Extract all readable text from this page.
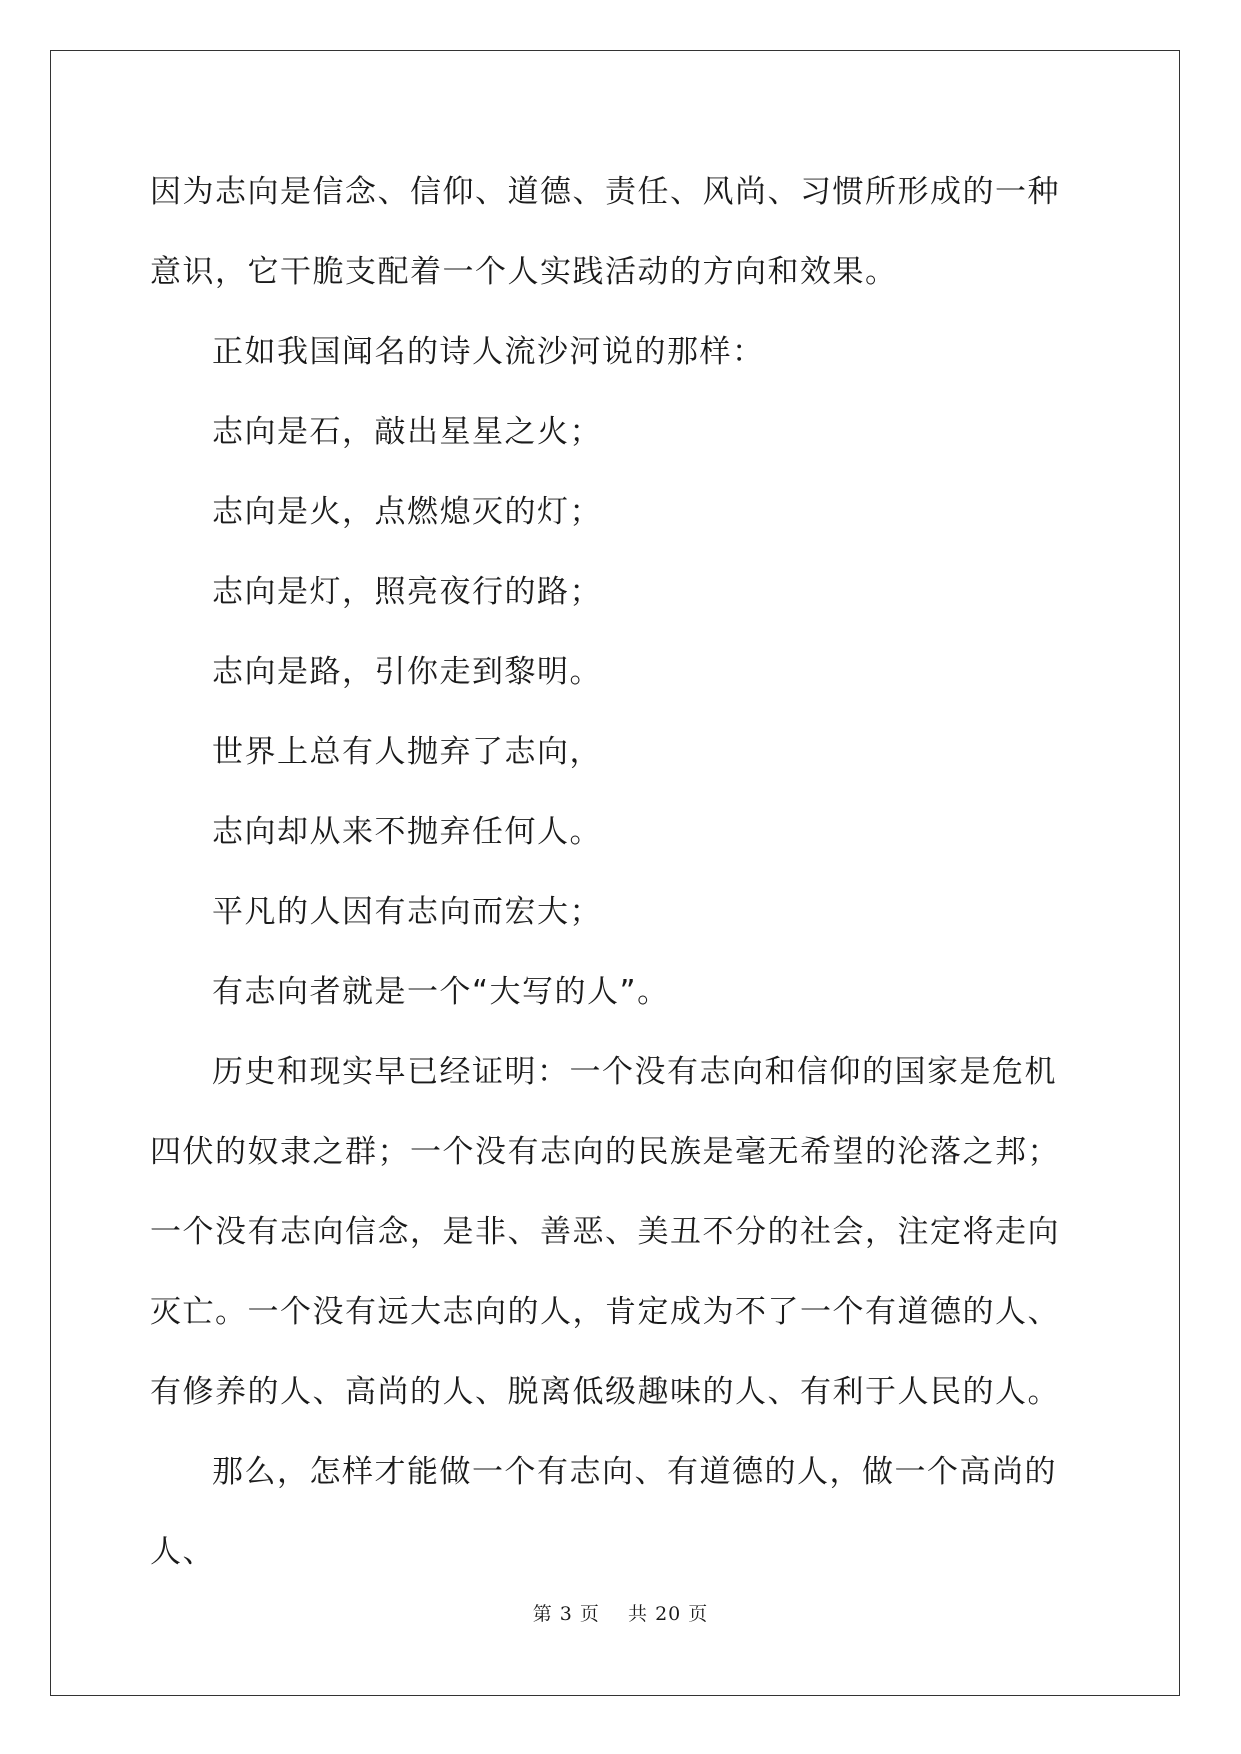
因为志向是信念、信仰、道德、责任、风尚、习惯所形成的一种意识，它干脆支配着一个人实践活动的方向和效果。

正如我国闻名的诗人流沙河说的那样：

志向是石，敲出星星之火；

志向是火，点燃熄灭的灯；

志向是灯，照亮夜行的路；

志向是路，引你走到黎明。

世界上总有人抛弃了志向，

志向却从来不抛弃任何人。

平凡的人因有志向而宏大；

有志向者就是一个“大写的人”。

历史和现实早已经证明：一个没有志向和信仰的国家是危机四伏的奴隶之群；一个没有志向的民族是毫无希望的沦落之邦；一个没有志向信念，是非、善恶、美丑不分的社会，注定将走向灭亡。一个没有远大志向的人，肯定成为不了一个有道德的人、有修养的人、高尚的人、脱离低级趣味的人、有利于人民的人。

那么，怎样才能做一个有志向、有道德的人，做一个高尚的人、

第 3 页 共 20 页
